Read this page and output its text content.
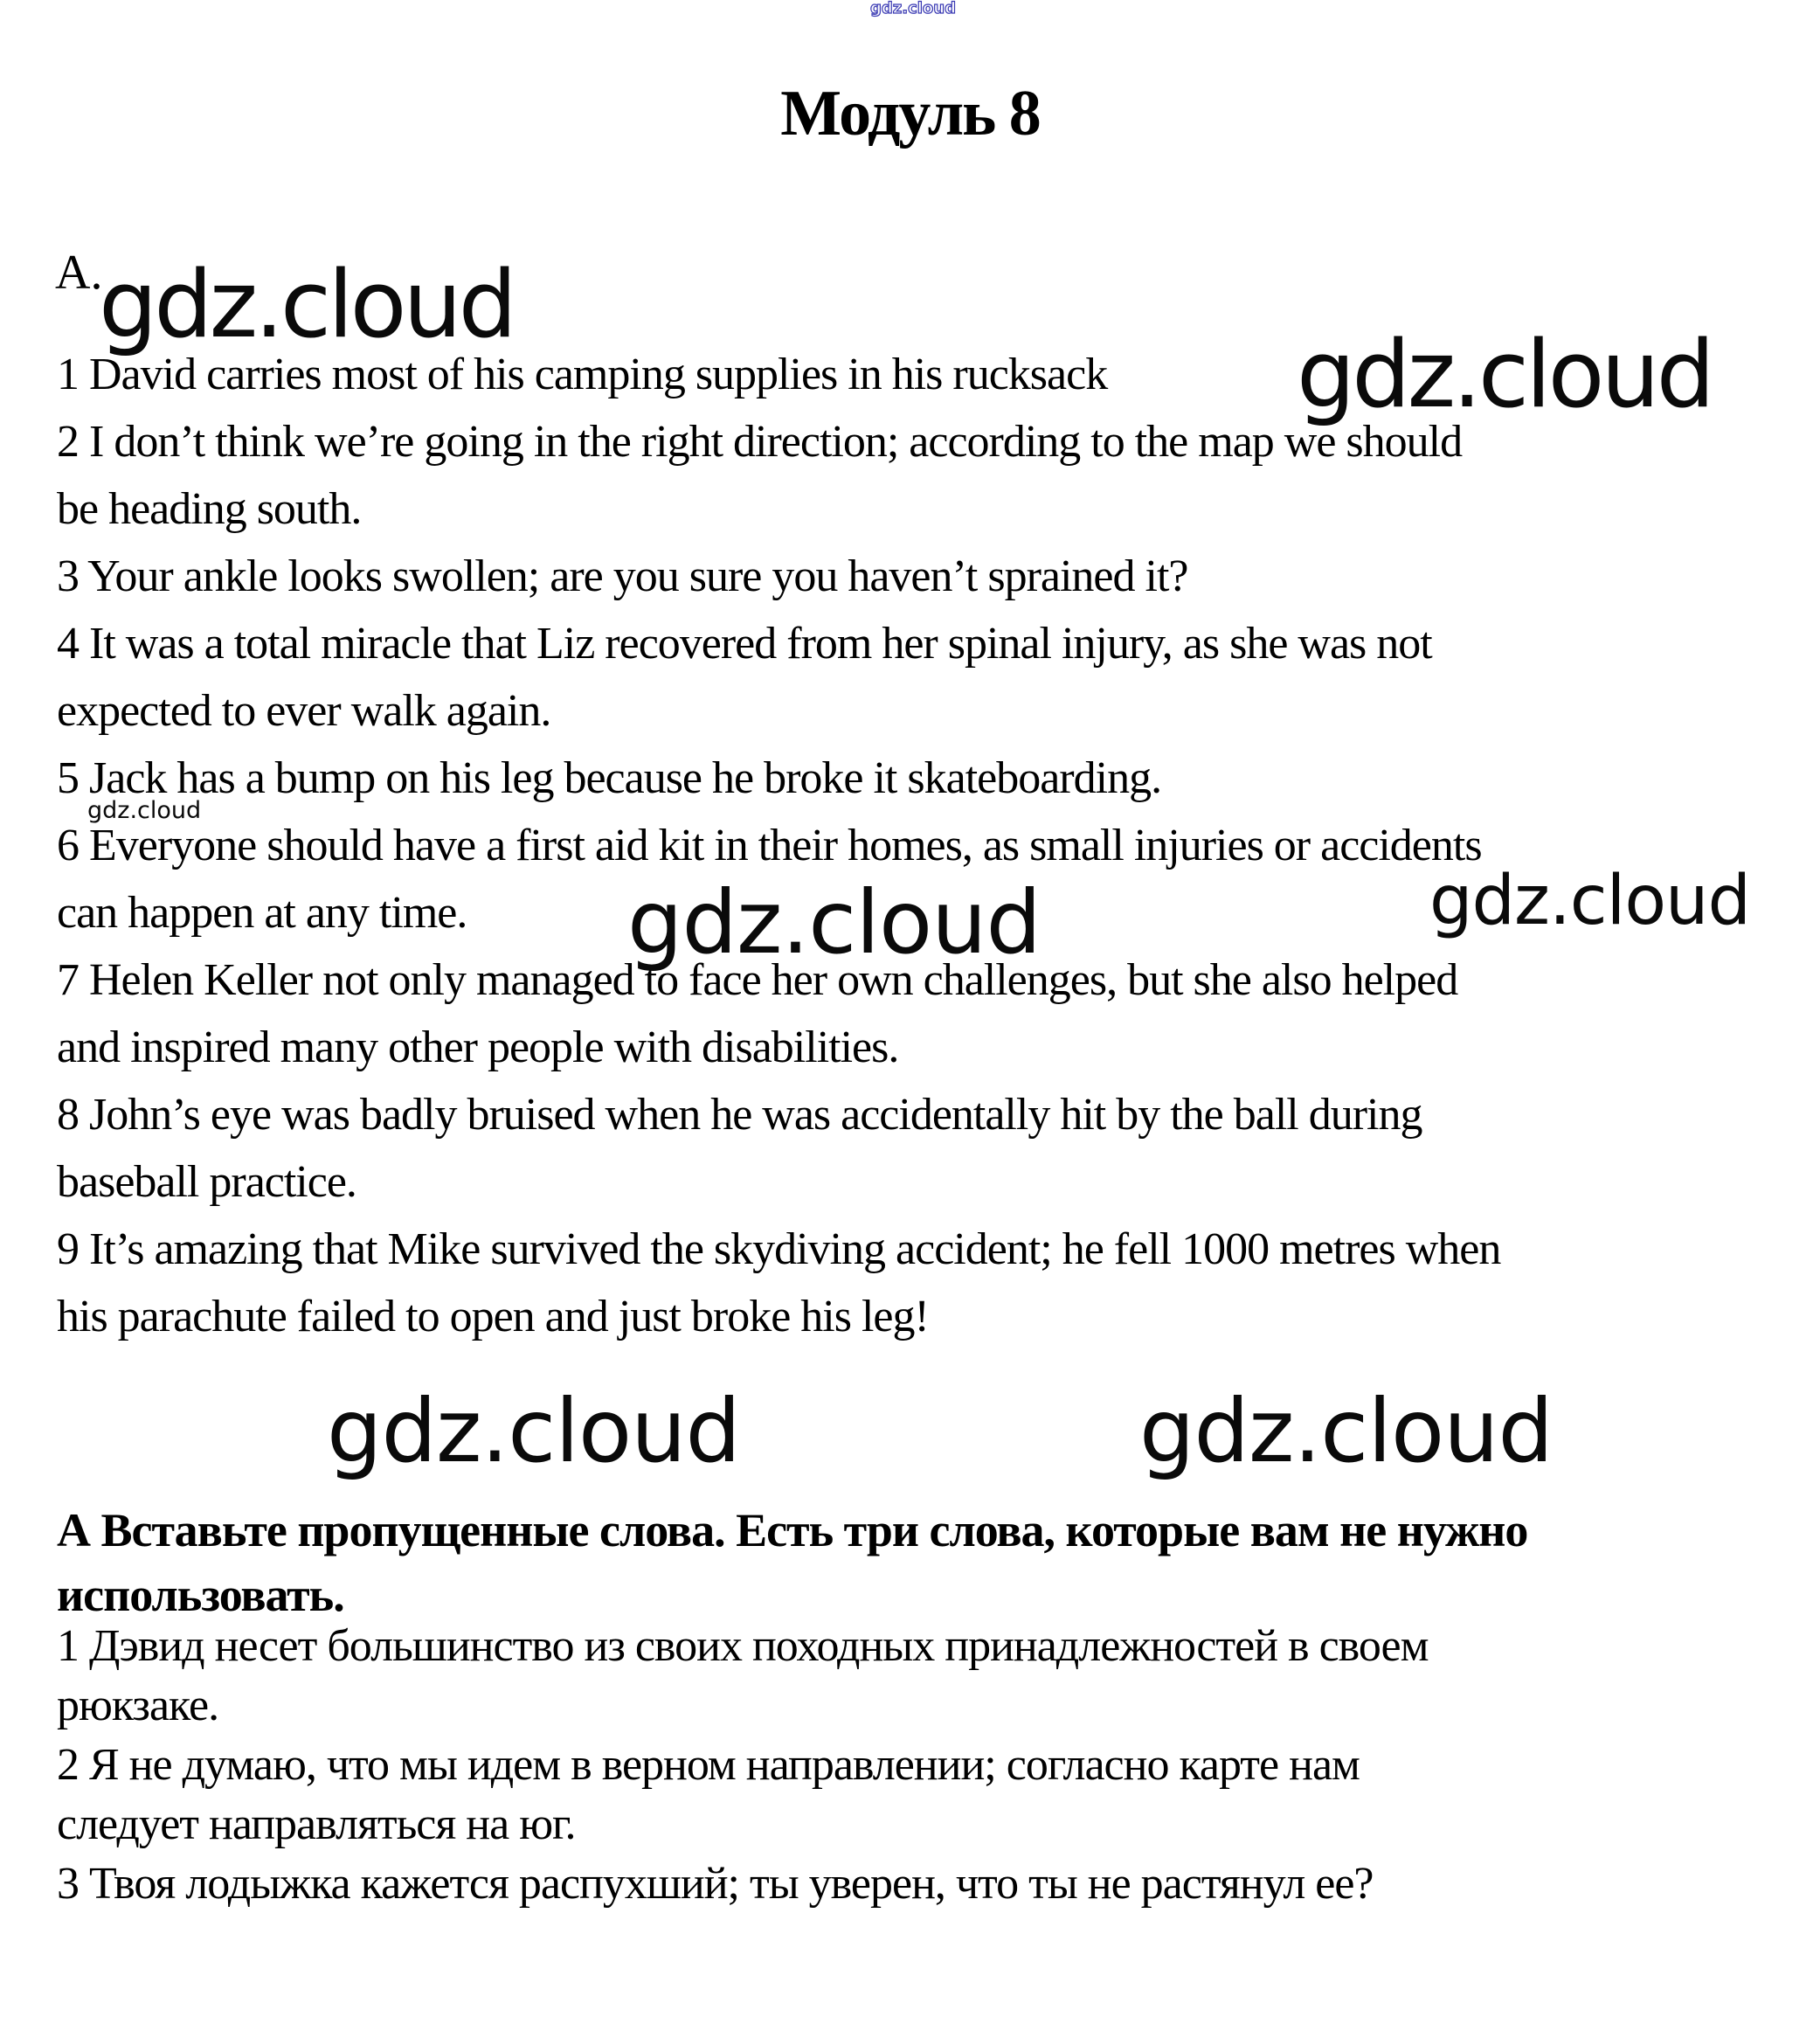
gdz.cloud
Модуль 8
A.
gdz.cloud
gdz.cloud
1 David carries most of his camping supplies in his rucksack
2 I don’t think we’re going in the right direction; according to the map we should
be heading south.
3 Your ankle looks swollen; are you sure you haven’t sprained it?
4 It was a total miracle that Liz recovered from her spinal injury, as she was not
expected to ever walk again.
5 Jack has a bump on his leg because he broke it skateboarding.
6 Everyone should have a first aid kit in their homes, as small injuries or accidents
can happen at any time.
7 Helen Keller not only managed to face her own challenges, but she also helped
and inspired many other people with disabilities.
8 John’s eye was badly bruised when he was accidentally hit by the ball during
baseball practice.
9 It’s amazing that Mike survived the skydiving accident; he fell 1000 metres when
his parachute failed to open and just broke his leg!
gdz.cloud
gdz.cloud	gdz.cloud
gdz.cloud	gdz.cloud
А Вставьте пропущенные слова. Есть три слова, которые вам не нужно
использовать.
1 Дэвид несет большинство из своих походных принадлежностей в своем
рюкзаке.
2 Я не думаю, что мы идем в верном направлении; согласно карте нам
следует направляться на юг.
3 Твоя лодыжка кажется распухший; ты уверен, что ты не растянул ее?
